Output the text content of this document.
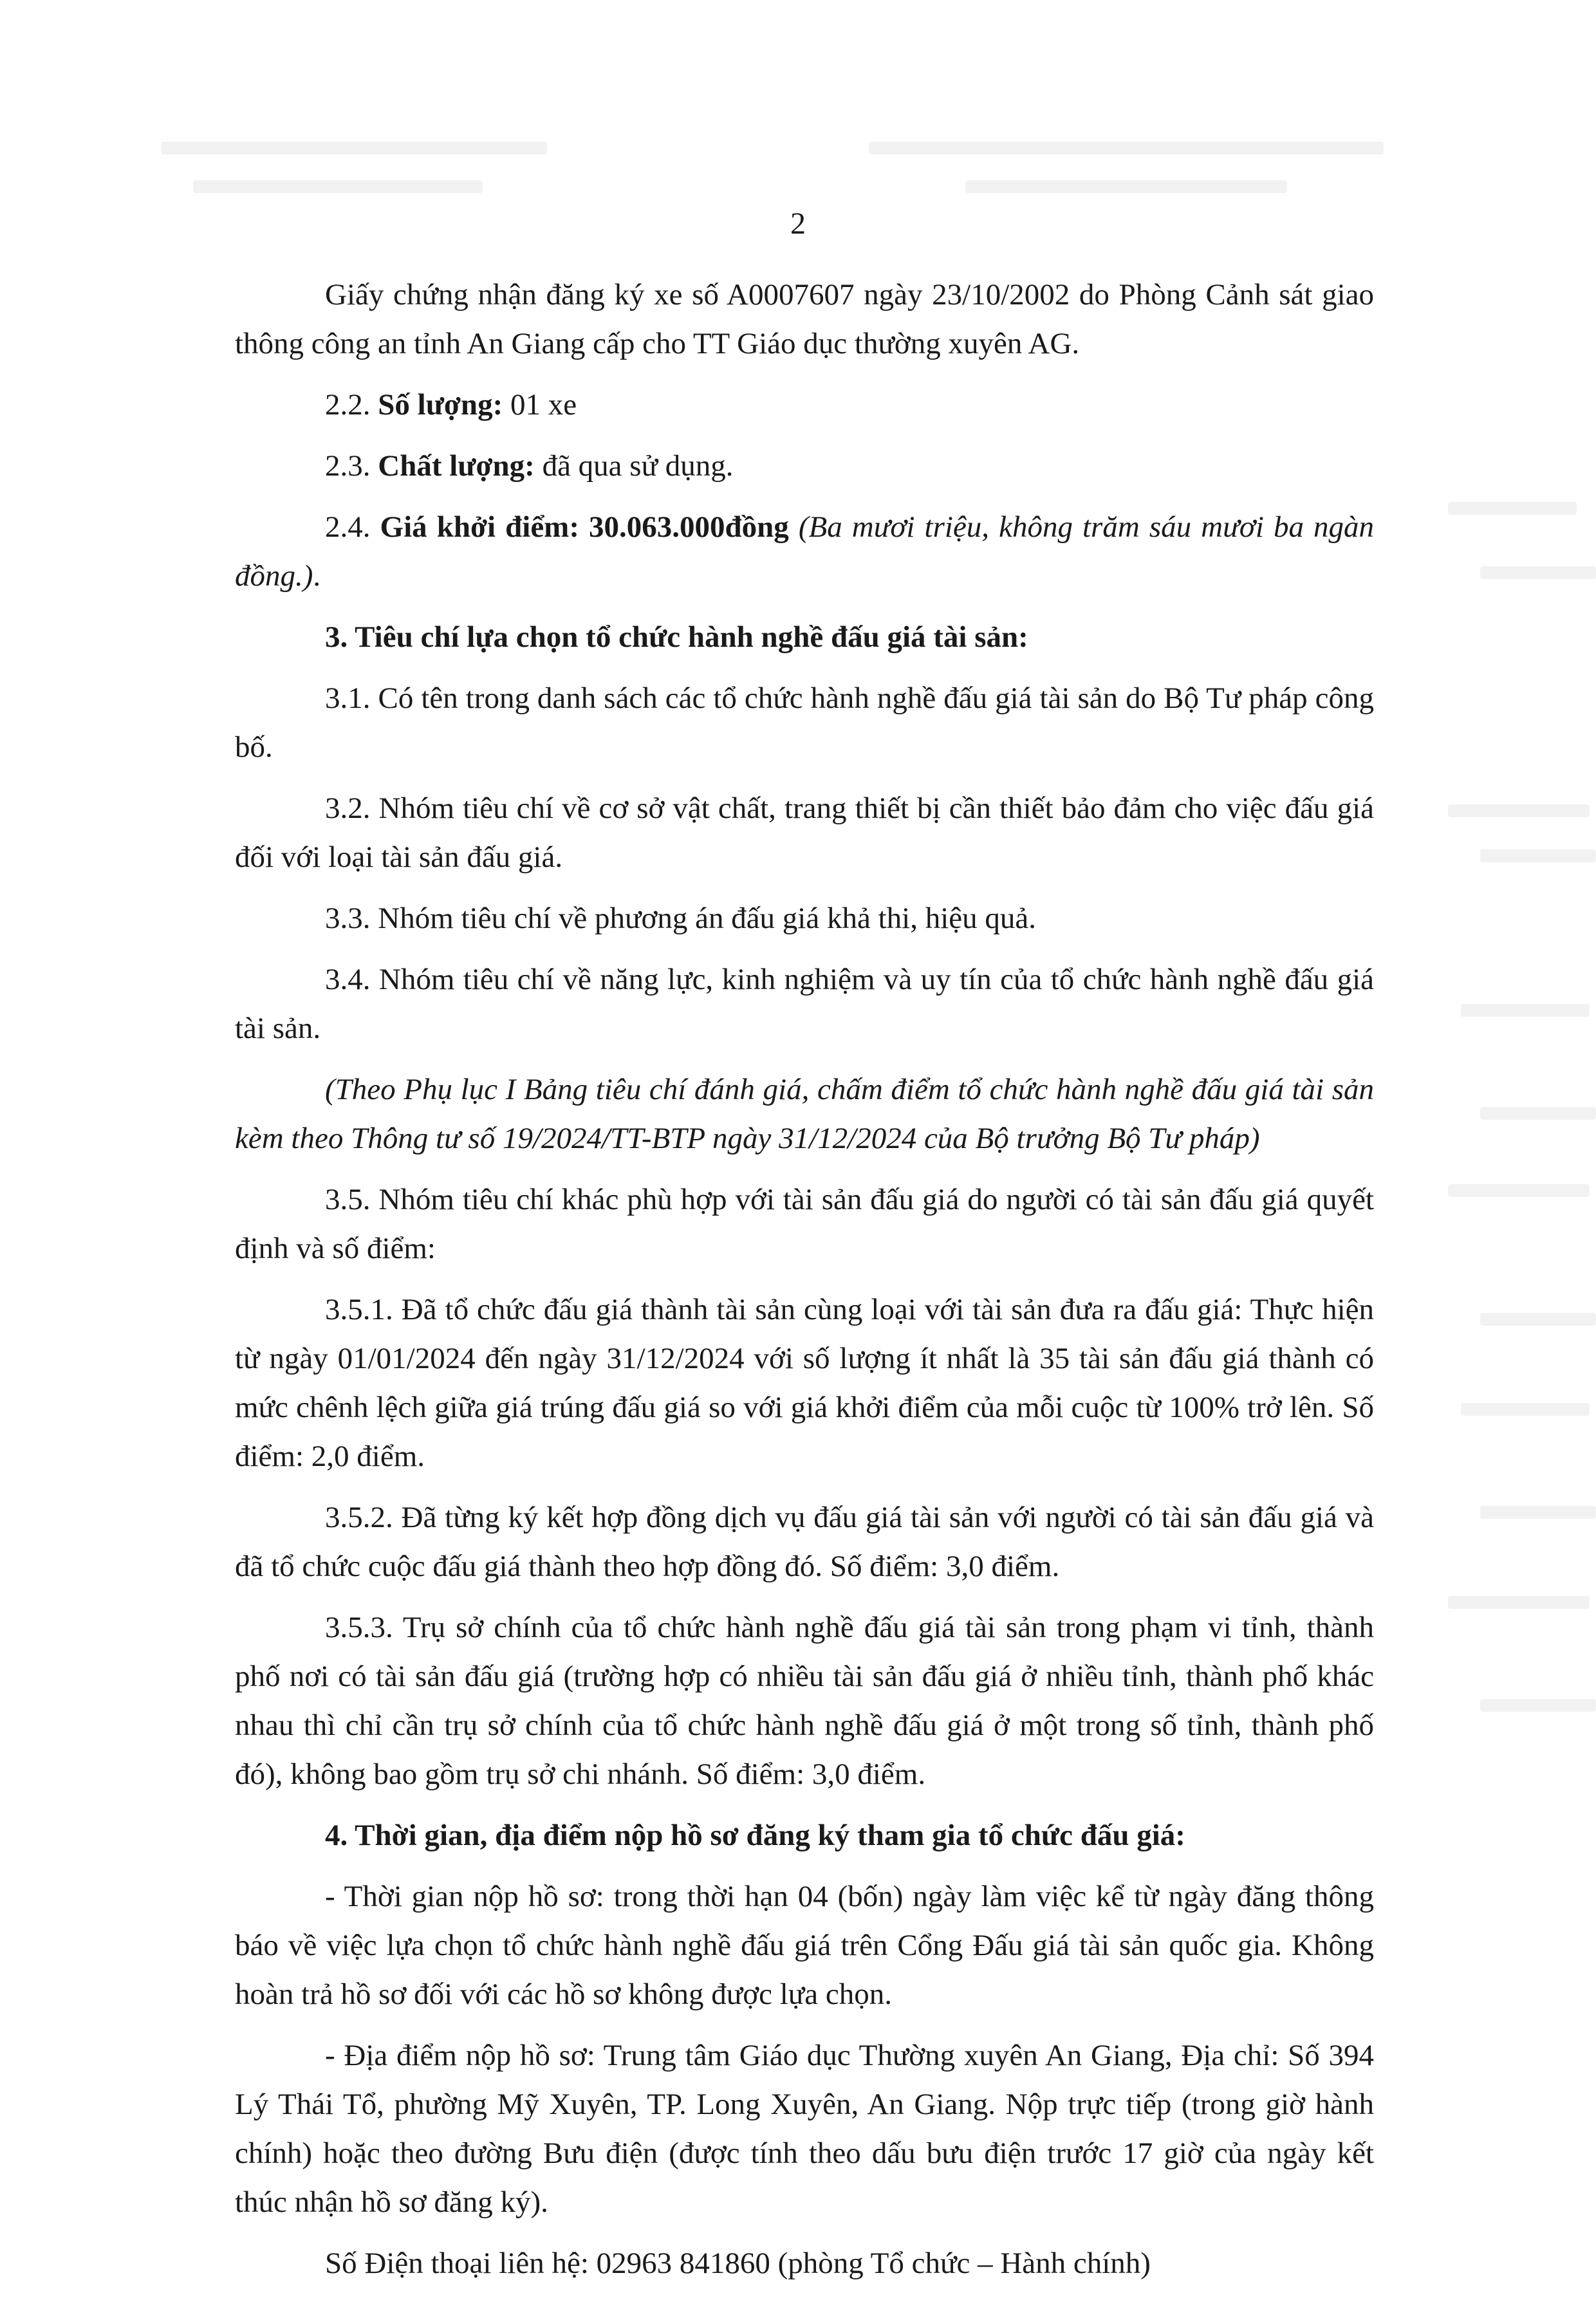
2

Giấy chứng nhận đăng ký xe số A0007607 ngày 23/10/2002 do Phòng Cảnh sát giao thông công an tỉnh An Giang cấp cho TT Giáo dục thường xuyên AG.

2.2. Số lượng: 01 xe

2.3. Chất lượng: đã qua sử dụng.

2.4. Giá khởi điểm: 30.063.000đồng (Ba mươi triệu, không trăm sáu mươi ba ngàn đồng.).

3. Tiêu chí lựa chọn tổ chức hành nghề đấu giá tài sản:

3.1. Có tên trong danh sách các tổ chức hành nghề đấu giá tài sản do Bộ Tư pháp công bố.

3.2. Nhóm tiêu chí về cơ sở vật chất, trang thiết bị cần thiết bảo đảm cho việc đấu giá đối với loại tài sản đấu giá.

3.3. Nhóm tiêu chí về phương án đấu giá khả thi, hiệu quả.

3.4. Nhóm tiêu chí về năng lực, kinh nghiệm và uy tín của tổ chức hành nghề đấu giá tài sản.

(Theo Phụ lục I Bảng tiêu chí đánh giá, chấm điểm tổ chức hành nghề đấu giá tài sản kèm theo Thông tư số 19/2024/TT-BTP ngày 31/12/2024 của Bộ trưởng Bộ Tư pháp)

3.5. Nhóm tiêu chí khác phù hợp với tài sản đấu giá do người có tài sản đấu giá quyết định và số điểm:

3.5.1. Đã tổ chức đấu giá thành tài sản cùng loại với tài sản đưa ra đấu giá: Thực hiện từ ngày 01/01/2024 đến ngày 31/12/2024 với số lượng ít nhất là 35 tài sản đấu giá thành có mức chênh lệch giữa giá trúng đấu giá so với giá khởi điểm của mỗi cuộc từ 100% trở lên. Số điểm: 2,0 điểm.

3.5.2. Đã từng ký kết hợp đồng dịch vụ đấu giá tài sản với người có tài sản đấu giá và đã tổ chức cuộc đấu giá thành theo hợp đồng đó. Số điểm: 3,0 điểm.

3.5.3. Trụ sở chính của tổ chức hành nghề đấu giá tài sản trong phạm vi tỉnh, thành phố nơi có tài sản đấu giá (trường hợp có nhiều tài sản đấu giá ở nhiều tỉnh, thành phố khác nhau thì chỉ cần trụ sở chính của tổ chức hành nghề đấu giá ở một trong số tỉnh, thành phố đó), không bao gồm trụ sở chi nhánh. Số điểm: 3,0 điểm.

4. Thời gian, địa điểm nộp hồ sơ đăng ký tham gia tổ chức đấu giá:

- Thời gian nộp hồ sơ: trong thời hạn 04 (bốn) ngày làm việc kể từ ngày đăng thông báo về việc lựa chọn tổ chức hành nghề đấu giá trên Cổng Đấu giá tài sản quốc gia. Không hoàn trả hồ sơ đối với các hồ sơ không được lựa chọn.

- Địa điểm nộp hồ sơ: Trung tâm Giáo dục Thường xuyên An Giang, Địa chỉ: Số 394 Lý Thái Tổ, phường Mỹ Xuyên, TP. Long Xuyên, An Giang. Nộp trực tiếp (trong giờ hành chính) hoặc theo đường Bưu điện (được tính theo dấu bưu điện trước 17 giờ của ngày kết thúc nhận hồ sơ đăng ký).

Số Điện thoại liên hệ: 02963 841860 (phòng Tổ chức – Hành chính)
